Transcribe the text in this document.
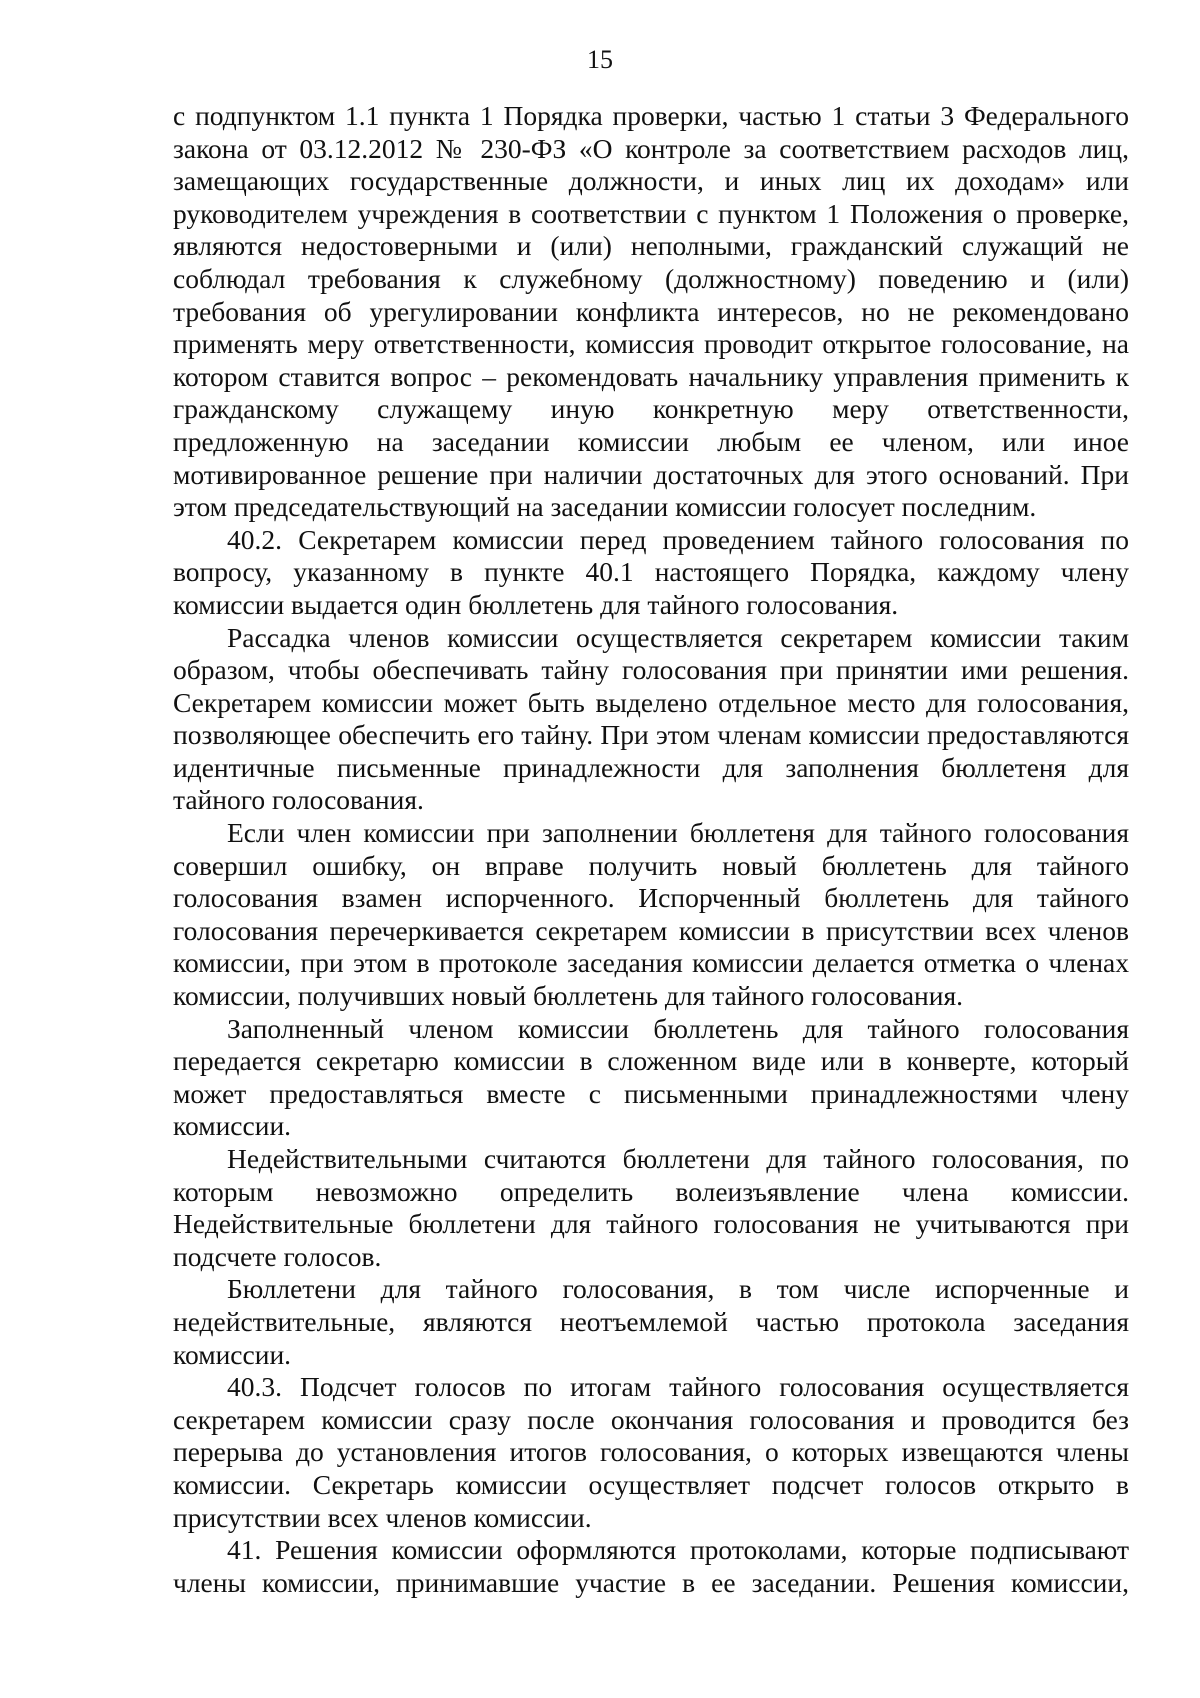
15

с подпунктом 1.1 пункта 1 Порядка проверки, частью 1 статьи 3 Федерального закона от 03.12.2012 № 230-ФЗ «О контроле за соответствием расходов лиц, замещающих государственные должности, и иных лиц их доходам» или руководителем учреждения в соответствии с пунктом 1 Положения о проверке, являются недостоверными и (или) неполными, гражданский служащий не соблюдал требования к служебному (должностному) поведению и (или) требования об урегулировании конфликта интересов, но не рекомендовано применять меру ответственности, комиссия проводит открытое голосование, на котором ставится вопрос – рекомендовать начальнику управления применить к гражданскому служащему иную конкретную меру ответственности, предложенную на заседании комиссии любым ее членом, или иное мотивированное решение при наличии достаточных для этого оснований. При этом председательствующий на заседании комиссии голосует последним.

40.2. Секретарем комиссии перед проведением тайного голосования по вопросу, указанному в пункте 40.1 настоящего Порядка, каждому члену комиссии выдается один бюллетень для тайного голосования.

Рассадка членов комиссии осуществляется секретарем комиссии таким образом, чтобы обеспечивать тайну голосования при принятии ими решения. Секретарем комиссии может быть выделено отдельное место для голосования, позволяющее обеспечить его тайну. При этом членам комиссии предоставляются идентичные письменные принадлежности для заполнения бюллетеня для тайного голосования.

Если член комиссии при заполнении бюллетеня для тайного голосования совершил ошибку, он вправе получить новый бюллетень для тайного голосования взамен испорченного. Испорченный бюллетень для тайного голосования перечеркивается секретарем комиссии в присутствии всех членов комиссии, при этом в протоколе заседания комиссии делается отметка о членах комиссии, получивших новый бюллетень для тайного голосования.

Заполненный членом комиссии бюллетень для тайного голосования передается секретарю комиссии в сложенном виде или в конверте, который может предоставляться вместе с письменными принадлежностями члену комиссии.

Недействительными считаются бюллетени для тайного голосования, по которым невозможно определить волеизъявление члена комиссии. Недействительные бюллетени для тайного голосования не учитываются при подсчете голосов.

Бюллетени для тайного голосования, в том числе испорченные и недействительные, являются неотъемлемой частью протокола заседания комиссии.

40.3. Подсчет голосов по итогам тайного голосования осуществляется секретарем комиссии сразу после окончания голосования и проводится без перерыва до установления итогов голосования, о которых извещаются члены комиссии. Секретарь комиссии осуществляет подсчет голосов открыто в присутствии всех членов комиссии.

41. Решения комиссии оформляются протоколами, которые подписывают члены комиссии, принимавшие участие в ее заседании. Решения комиссии,
